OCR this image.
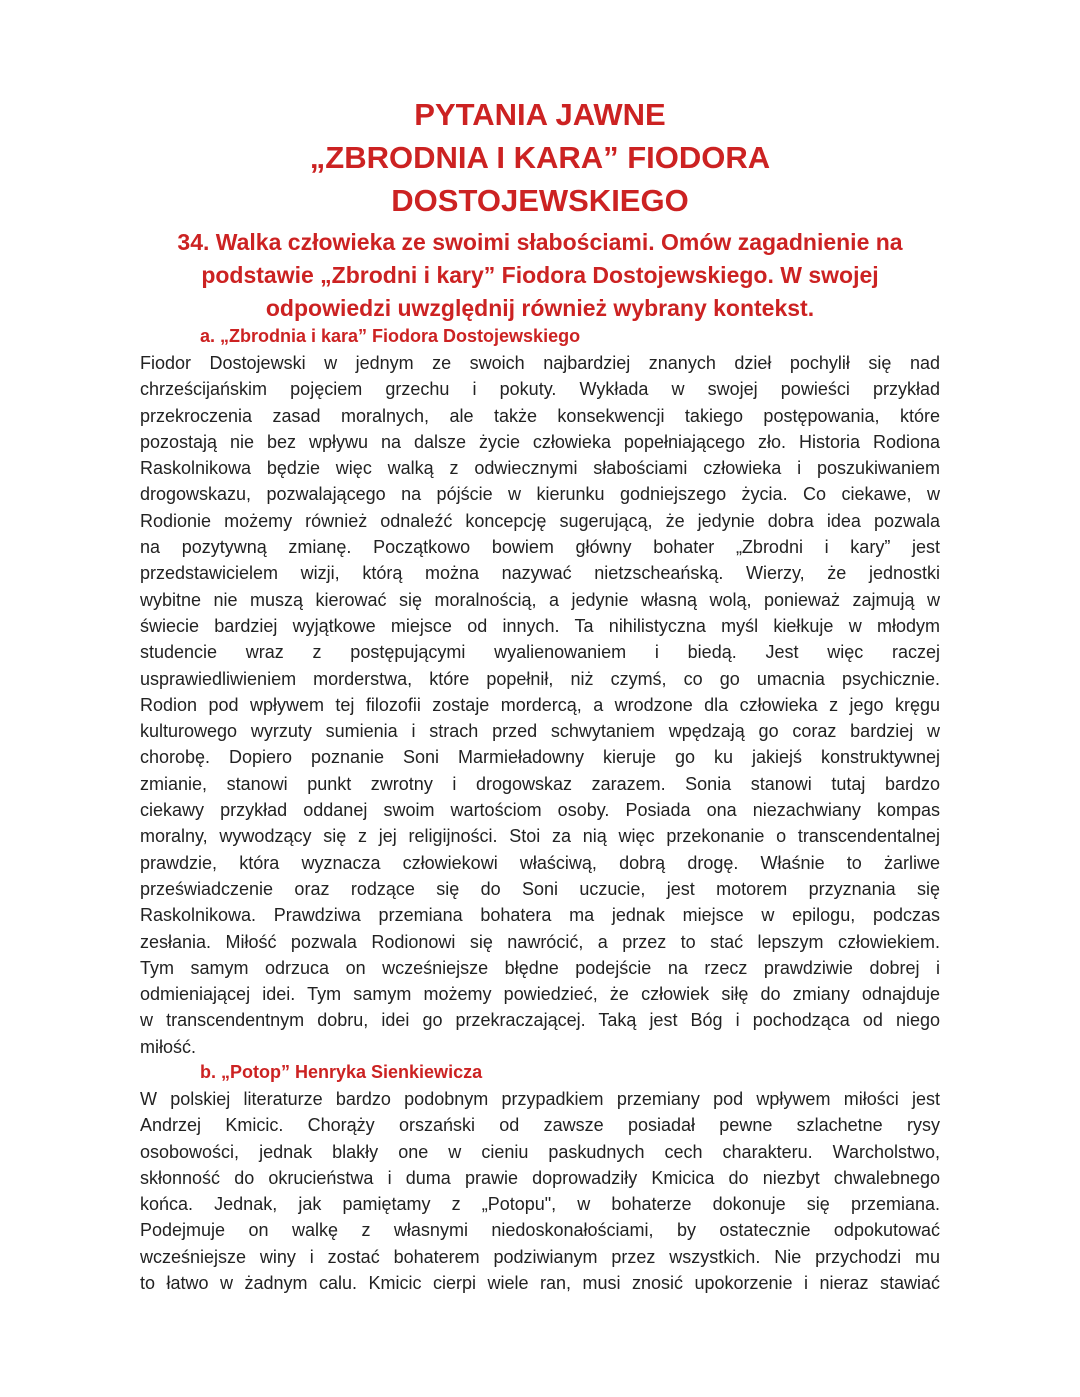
PYTANIA JAWNE
„ZBRODNIA I KARA” FIODORA
DOSTOJEWSKIEGO
34. Walka człowieka ze swoimi słabościami. Omów zagadnienie na podstawie „Zbrodni i kary” Fiodora Dostojewskiego. W swojej odpowiedzi uwzględnij również wybrany kontekst.
a. „Zbrodnia i kara” Fiodora Dostojewskiego
Fiodor Dostojewski w jednym ze swoich najbardziej znanych dzieł pochylił się nad
chrześcijańskim pojęciem grzechu i pokuty. Wykłada w swojej powieści przykład
przekroczenia zasad moralnych, ale także konsekwencji takiego postępowania, które
pozostają nie bez wpływu na dalsze życie człowieka popełniającego zło. Historia Rodiona
Raskolnikowa będzie więc walką z odwiecznymi słabościami człowieka i poszukiwaniem
drogowskazu, pozwalającego na pójście w kierunku godniejszego życia. Co ciekawe, w
Rodionie możemy również odnaleźć koncepcję sugerującą, że jedynie dobra idea pozwala
na pozytywną zmianę. Początkowo bowiem główny bohater „Zbrodni i kary” jest
przedstawicielem wizji, którą można nazywać nietzscheańską. Wierzy, że jednostki
wybitne nie muszą kierować się moralnością, a jedynie własną wolą, ponieważ zajmują w
świecie bardziej wyjątkowe miejsce od innych. Ta nihilistyczna myśl kiełkuje w młodym
studencie wraz z postępującymi wyalienowaniem i biedą. Jest więc raczej
usprawiedliwieniem morderstwa, które popełnił, niż czymś, co go umacnia psychicznie.
Rodion pod wpływem tej filozofii zostaje mordercą, a wrodzone dla człowieka z jego kręgu
kulturowego wyrzuty sumienia i strach przed schwytaniem wpędzają go coraz bardziej w
chorobę. Dopiero poznanie Soni Marmieładowny kieruje go ku jakiejś konstruktywnej
zmianie, stanowi punkt zwrotny i drogowskaz zarazem. Sonia stanowi tutaj bardzo
ciekawy przykład oddanej swoim wartościom osoby. Posiada ona niezachwiany kompas
moralny, wywodzący się z jej religijności. Stoi za nią więc przekonanie o transcendentalnej
prawdzie, która wyznacza człowiekowi właściwą, dobrą drogę. Właśnie to żarliwe
przeświadczenie oraz rodzące się do Soni uczucie, jest motorem przyznania się
Raskolnikowa. Prawdziwa przemiana bohatera ma jednak miejsce w epilogu, podczas
zesłania. Miłość pozwala Rodionowi się nawrócić, a przez to stać lepszym człowiekiem.
Tym samym odrzuca on wcześniejsze błędne podejście na rzecz prawdziwie dobrej i
odmieniającej idei. Tym samym możemy powiedzieć, że człowiek siłę do zmiany odnajduje
w transcendentnym dobru, idei go przekraczającej. Taką jest Bóg i pochodząca od niego
miłość.
b. „Potop” Henryka Sienkiewicza
W polskiej literaturze bardzo podobnym przypadkiem przemiany pod wpływem miłości jest
Andrzej Kmicic. Chorąży orszański od zawsze posiadał pewne szlachetne rysy
osobowości, jednak blakły one w cieniu paskudnych cech charakteru. Warcholstwo,
skłonność do okrucieństwa i duma prawie doprowadziły Kmicica do niezbyt chwalebnego
końca. Jednak, jak pamiętamy z „Potopu", w bohaterze dokonuje się przemiana.
Podejmuje on walkę z własnymi niedoskonałościami, by ostatecznie odpokutować
wcześniejsze winy i zostać bohaterem podziwianym przez wszystkich. Nie przychodzi mu
to łatwo w żadnym calu. Kmicic cierpi wiele ran, musi znosić upokorzenie i nieraz stawiać
